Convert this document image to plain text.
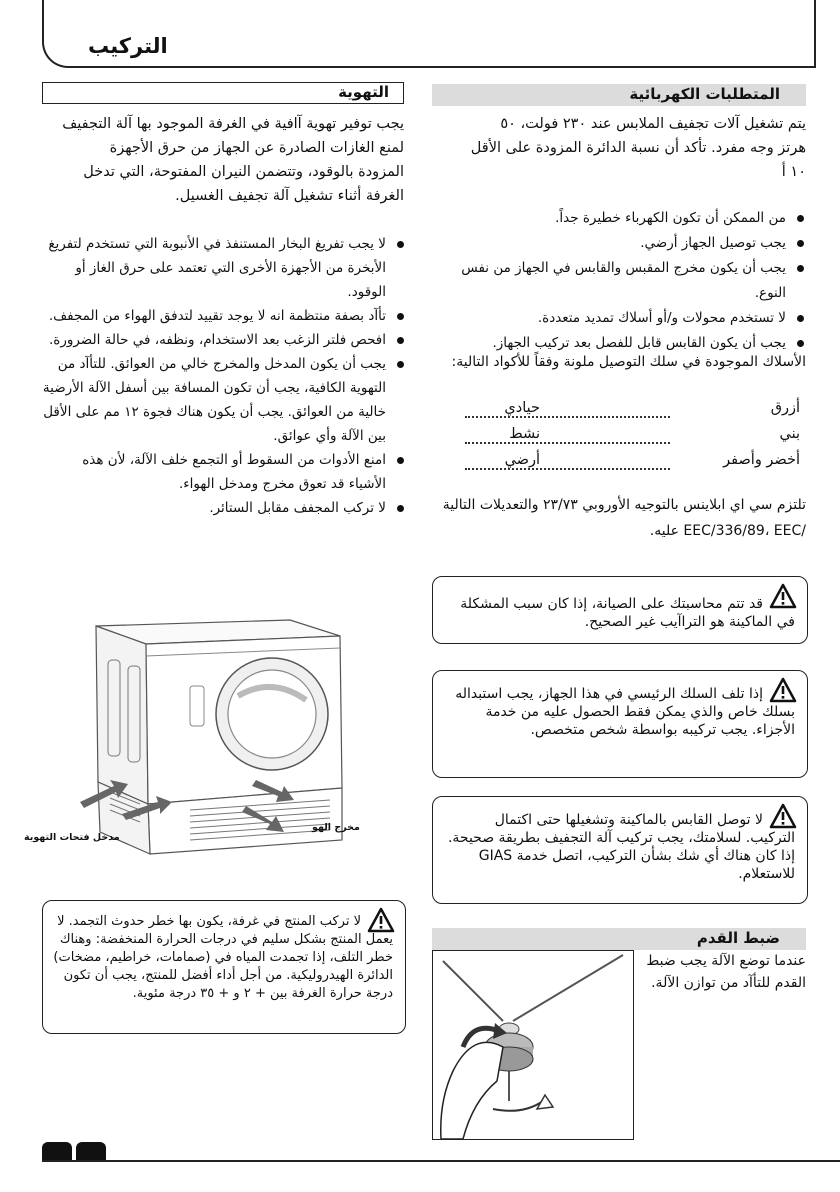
التركيب
المتطلبات الكهربائية
يتم تشغيل آلات تجفيف الملابس عند ٢٣٠ فولت، ٥٠
هرتز وجه مفرد. تأكد أن نسبة الدائرة المزودة على الأقل
١٠ أ
من الممكن أن تكون الكهرباء خطيرة جداً.
يجب توصيل الجهاز أرضي.
يجب أن يكون مخرج المقبس والقابس في الجهاز من نفس النوع.
لا تستخدم محولات و/أو أسلاك تمديد متعددة.
يجب أن يكون القابس قابل للفصل بعد تركيب الجهاز.
الأسلاك الموجودة في سلك التوصيل ملونة وفقاً للأكواد التالية:
أزرق
حيادي
بني
نشط
أخضر وأصفر
أرضي
تلتزم سي اي ابلاينس بالتوجيه الأوروبي ٢٣/٧٣ والتعديلات التالية
/EEC/336/89، EEC عليه.
التهوية
يجب توفير تهوية آافية في الغرفة الموجود بها آلة التجفيف
لمنع الغازات الصادرة عن الجهاز من حرق الأجهزة
المزودة بالوقود، وتتضمن النيران المفتوحة، التي تدخل
الغرفة أثناء تشغيل آلة تجفيف الغسيل.
لا يجب تفريغ البخار المستنفذ في الأنبوبة التي تستخدم لتفريغ الأبخرة من الأجهزة الأخرى التي تعتمد على حرق الغاز أو الوقود.
تأآد بصفة منتظمة انه لا يوجد تقييد لتدفق الهواء من المجفف.
افحص فلتر الزغب بعد الاستخدام، ونظفه، في حالة الضرورة.
يجب أن يكون المدخل والمخرج خالي من العوائق. للتأآد من التهوية الكافية، يجب أن تكون المسافة بين أسفل الآلة الأرضية خالية من العوائق. يجب أن يكون هناك فجوة ١٢ مم على الأقل بين الآلة وأي عوائق.
امنع الأدوات من السقوط أو التجمع خلف الآلة، لأن هذه الأشياء قد تعوق مخرج ومدخل الهواء.
لا تركب المجفف مقابل الستائر.
مدخل فتحات التهوية
مخرج الهو
قد تتم محاسبتك على الصيانة، إذا كان سبب المشكلة في الماكينة هو التراآيب غير الصحيح.
إذا تلف السلك الرئيسي في هذا الجهاز، يجب استبداله بسلك خاص والذي يمكن فقط الحصول عليه من خدمة الأجزاء. يجب تركيبه بواسطة شخص متخصص.
لا توصل القابس بالماكينة وتشغيلها حتى اكتمال التركيب. لسلامتك، يجب تركيب آلة التجفيف بطريقة صحيحة. إذا كان هناك أي شك بشأن التركيب، اتصل خدمة GIAS للاستعلام.
لا تركب المنتج في غرفة، يكون بها خطر حدوث التجمد. لا يعمل المنتج بشكل سليم في درجات الحرارة المنخفضة: وهناك خطر التلف، إذا تجمدت المياه في (صمامات، خراطيم، مضخات) الدائرة الهيدروليكية. من أجل أداء أفضل للمنتج، يجب أن تكون درجة حرارة الغرفة بين + ٢ و + ٣٥ درجة مئوية.
ضبط القدم
عندما توضع الآلة يجب ضبط القدم للتأآد من توازن الآلة.
